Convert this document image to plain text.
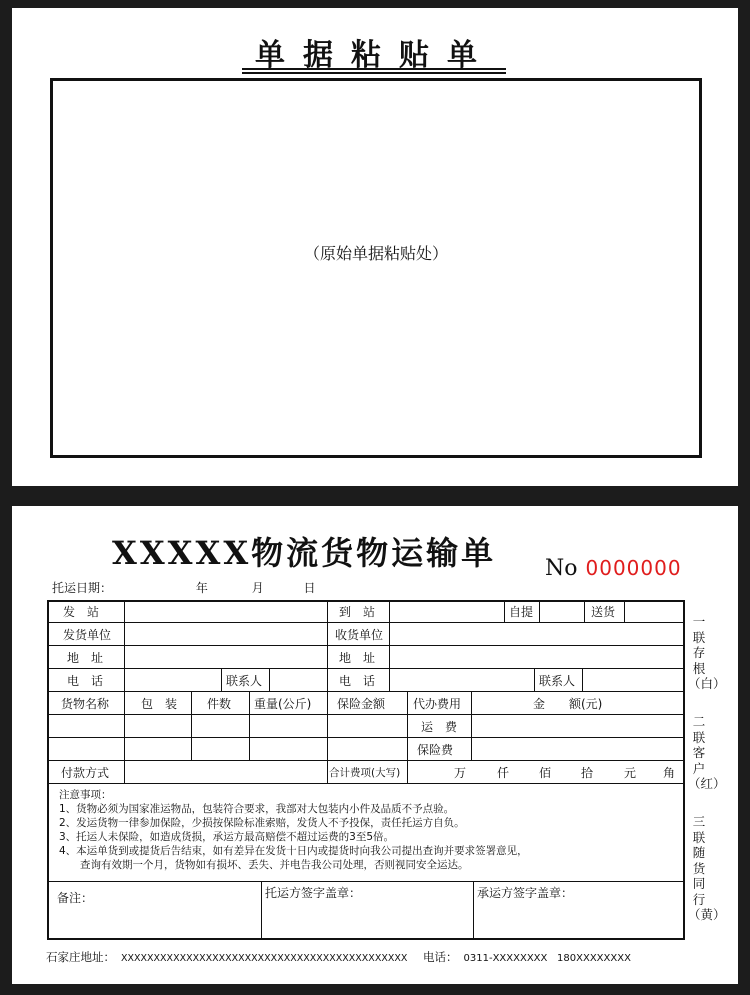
单据粘贴单
（原始单据粘贴处）
XXXXX物流货物运输单 No 0000000
托运日期：	年	月	日
发　站	到　站	自提	送货
发货单位	收货单位
地　址	地　址
电　话	联系人	电　话	联系人
货物名称	包　装 件数 重量(公斤) 保险金额 代办费用	金　　额(元)
运　费
保险费
付款方式	合计费项(大写)	万	仟 佰 拾	元 角
注意事项：
1、货物必须为国家准运物品，包装符合要求，我部对大包装内小件及品质不予点验。
2、发运货物一律参加保险，少损按保险标准索赔，发货人不予投保，责任托运方自负。
3、托运人未保险，如造成货损，承运方最高赔偿不超过运费的3至5倍。
4、本运单货到或提货后告结束，如有差异在发货十日内或提货时向我公司提出查询并要求签署意见，
　　查询有效期一个月，货物如有损坏、丢失、并电告我公司处理，否则视同安全运达。
备注：	托运方签字盖章：	承运方签字盖章：
石家庄地址： XXXXXXXXXXXXXXXXXXXXXXXXXXXXXXXXXXXXXXXXXXXX 电话： 0311-XXXXXXXX 180XXXXXXXX
一联存根（白）
二联客户（红）
三联随货同行（黄）
